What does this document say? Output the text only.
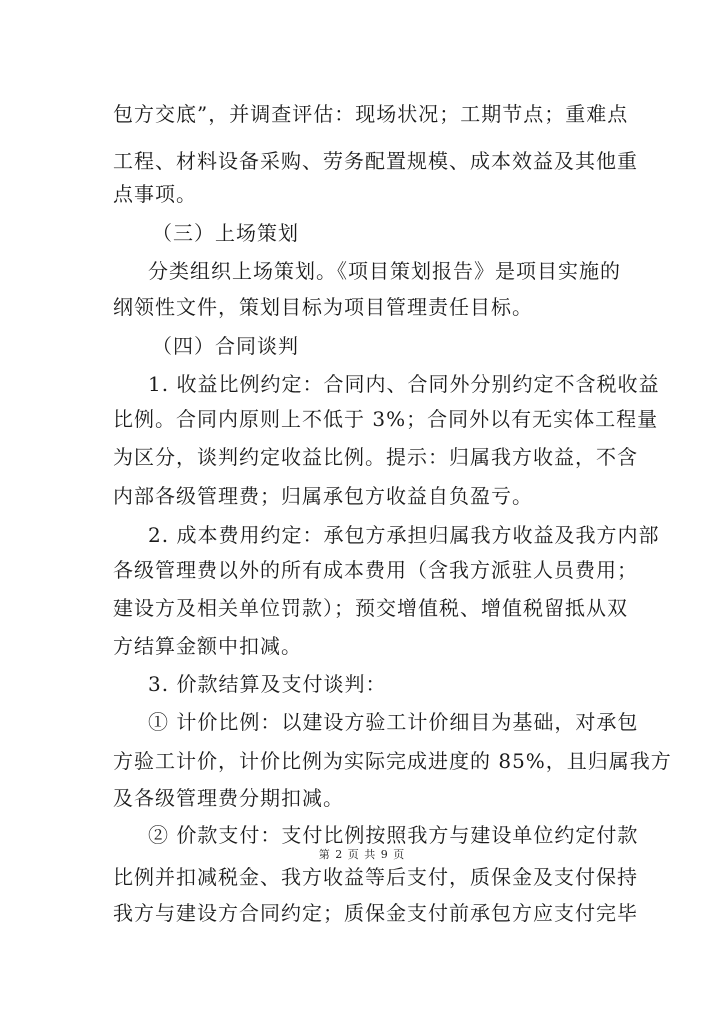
包方交底”，并调查评估：现场状况；工期节点；重难点
工程、材料设备采购、劳务配置规模、成本效益及其他重
点事项。
（三）上场策划
分类组织上场策划。《项目策划报告》是项目实施的
纲领性文件，策划目标为项目管理责任目标。
（四）合同谈判
1. 收益比例约定：合同内、合同外分别约定不含税收益
比例。合同内原则上不低于 3%；合同外以有无实体工程量
为区分，谈判约定收益比例。提示：归属我方收益，不含
内部各级管理费；归属承包方收益自负盈亏。
2. 成本费用约定：承包方承担归属我方收益及我方内部
各级管理费以外的所有成本费用（含我方派驻人员费用；
建设方及相关单位罚款）；预交增值税、增值税留抵从双
方结算金额中扣减。
3. 价款结算及支付谈判：
① 计价比例：以建设方验工计价细目为基础，对承包
方验工计价，计价比例为实际完成进度的 85%，且归属我方
及各级管理费分期扣减。
② 价款支付：支付比例按照我方与建设单位约定付款
第 2 页 共 9 页
比例并扣减税金、我方收益等后支付，质保金及支付保持
我方与建设方合同约定；质保金支付前承包方应支付完毕
